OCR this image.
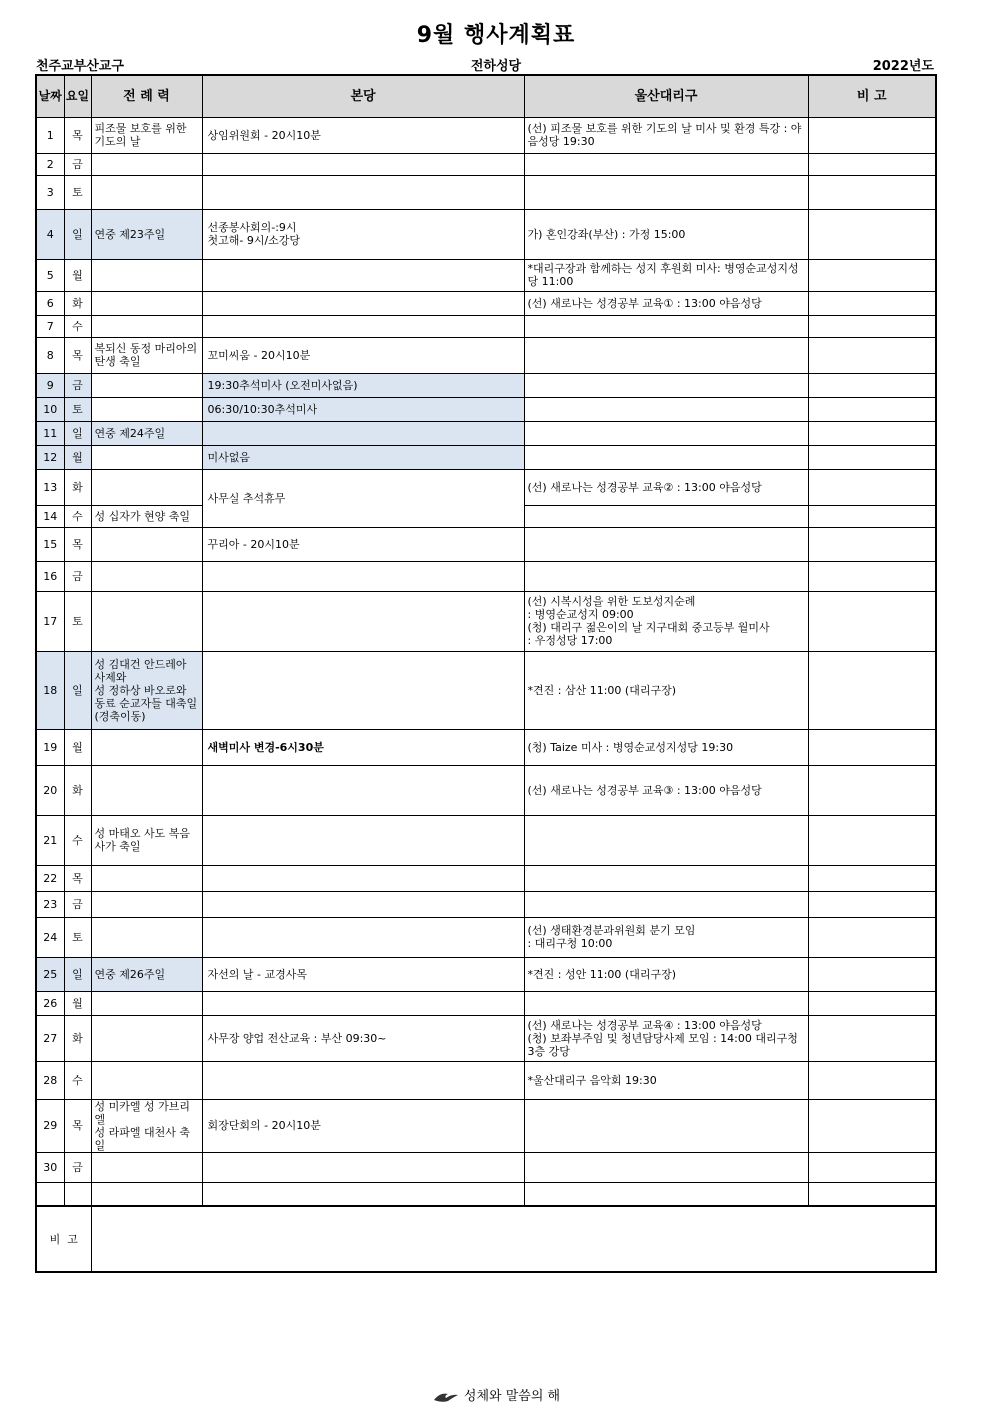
9월 행사계획표
천주교부산교구	전하성당	2022년도
날짜	요일	전 례 력	본당	울산대리구	비 고
1	목	피조물 보호를 위한 기도의 날	상임위원회 - 20시10분	(선) 피조물 보호를 위한 기도의 날 미사 및 환경 특강 : 야음성당 19:30	
2	금				
3	토				
4	일	연중 제23주일	선종봉사회의-:9시
첫고해- 9시/소강당	가) 혼인강좌(부산) : 가정 15:00	
5	월			*대리구장과 함께하는 성지 후원회 미사: 병영순교성지성당 11:00	
6	화			(선) 새로나는 성경공부 교육① : 13:00 야음성당	
7	수				
8	목	복되신 동정 마리아의 탄생 축일	꼬미씨움 - 20시10분		
9	금		19:30추석미사 (오전미사없음)		
10	토		06:30/10:30추석미사		
11	일	연중 제24주일			
12	월		미사없음		
13	화		사무실 추석휴무	(선) 새로나는 성경공부 교육② : 13:00 야음성당	
14	수	성 십자가 현양 축일			
15	목		꾸리아 - 20시10분		
16	금				
17	토			(선) 시복시성을 위한 도보성지순례
: 병영순교성지 09:00
(청) 대리구 젊은이의 날 지구대회 중고등부 월미사
: 우정성당 17:00	
18	일	성 김대건 안드레아 사제와
성 정하상 바오로와 동료 순교자들 대축일
(경축이동)		*견진 : 삼산 11:00 (대리구장)	
19	월		새벽미사 변경-6시30분	(청) Taize 미사 : 병영순교성지성당 19:30	
20	화			(선) 새로나는 성경공부 교육③ : 13:00 야음성당	
21	수	성 마태오 사도 복음사가 축일			
22	목				
23	금				
24	토			(선) 생태환경분과위원회 분기 모임
: 대리구청 10:00	
25	일	연중 제26주일	자선의 날 - 교경사목	*견진 : 성안 11:00 (대리구장)	
26	월				
27	화		사무장 양업 전산교육 : 부산 09:30~	(선) 새로나는 성경공부 교육④ : 13:00 야음성당
(청) 보좌부주임 및 청년담당사제 모임 : 14:00 대리구청 3층 강당	
28	수			*울산대리구 음악회 19:30	
29	목	성 미카엘 성 가브리엘
성 라파엘 대천사 축일	회장단회의 - 20시10분		
30	금				

비  고					
성체와 말씀의 해
